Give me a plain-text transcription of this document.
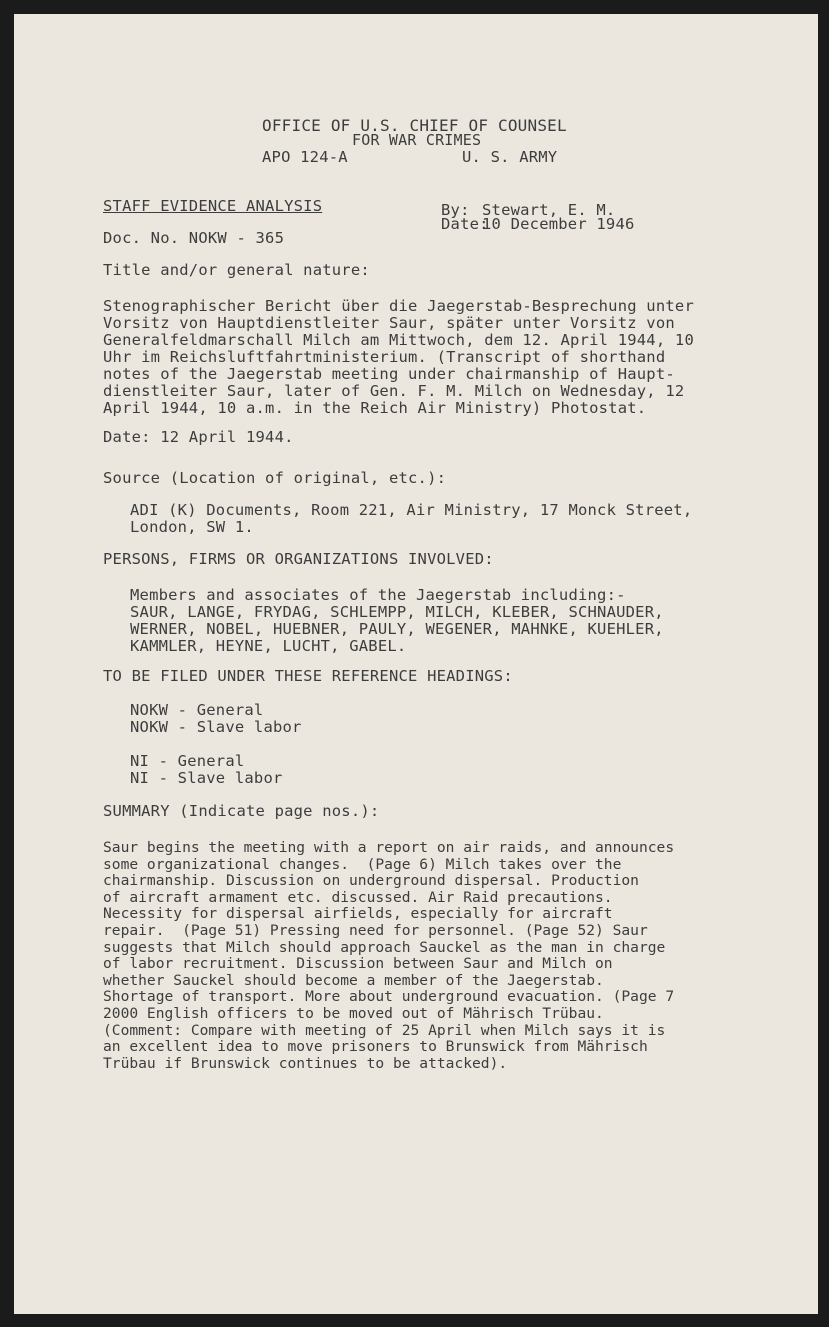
OFFICE OF U.S. CHIEF OF COUNSEL
FOR WAR CRIMES
APO 124-A	U. S. ARMY
STAFF EVIDENCE ANALYSIS	By: Stewart, E. M.
Date:
10 December 1946
Doc. No. NOKW - 365
Title and/or general nature:
Stenographischer Bericht über die Jaegerstab-Besprechung unter
Vorsitz von Hauptdienstleiter Saur, später unter Vorsitz von
Generalfeldmarschall Milch am Mittwoch, dem 12. April 1944, 10
Uhr im Reichsluftfahrtministerium. (Transcript of shorthand
notes of the Jaegerstab meeting under chairmanship of Haupt-
dienstleiter Saur, later of Gen. F. M. Milch on Wednesday, 12
April 1944, 10 a.m. in the Reich Air Ministry) Photostat.
Date: 12 April 1944.
Source (Location of original, etc.):
ADI (K) Documents, Room 221, Air Ministry, 17 Monck Street,
London, SW 1.
PERSONS, FIRMS OR ORGANIZATIONS INVOLVED:
Members and associates of the Jaegerstab including:-
SAUR, LANGE, FRYDAG, SCHLEMPP, MILCH, KLEBER, SCHNAUDER,
WERNER, NOBEL, HUEBNER, PAULY, WEGENER, MAHNKE, KUEHLER,
KAMMLER, HEYNE, LUCHT, GABEL.
TO BE FILED UNDER THESE REFERENCE HEADINGS:
NOKW - General
NOKW - Slave labor
NI - General
NI - Slave labor
SUMMARY (Indicate page nos.):
Saur begins the meeting with a report on air raids, and announces
some organizational changes.  (Page 6) Milch takes over the
chairmanship. Discussion on underground dispersal. Production
of aircraft armament etc. discussed. Air Raid precautions.
Necessity for dispersal airfields, especially for aircraft
repair.  (Page 51) Pressing need for personnel. (Page 52) Saur
suggests that Milch should approach Sauckel as the man in charge
of labor recruitment. Discussion between Saur and Milch on
whether Sauckel should become a member of the Jaegerstab.
Shortage of transport. More about underground evacuation. (Page 7
2000 English officers to be moved out of Mährisch Trübau.
(Comment: Compare with meeting of 25 April when Milch says it is
an excellent idea to move prisoners to Brunswick from Mährisch
Trübau if Brunswick continues to be attacked).
